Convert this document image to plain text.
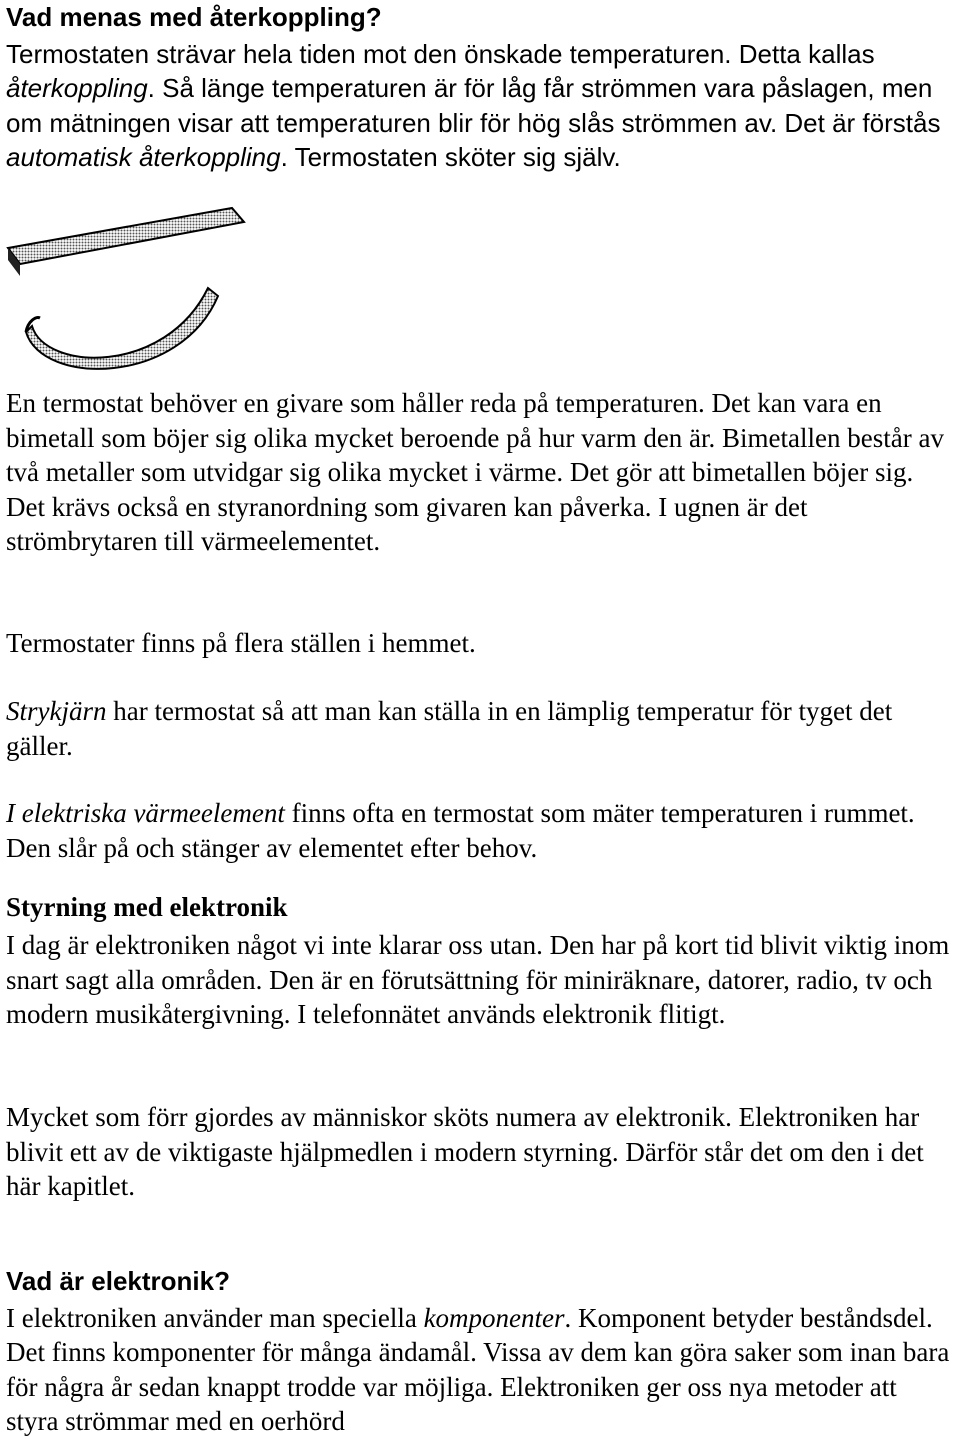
Vad menas med återkoppling?
Termostaten strävar hela tiden mot den önskade temperaturen. Detta kallas
återkoppling. Så länge temperaturen är för låg får strömmen vara påslagen, men om mätningen visar att temperaturen blir för hög slås strömmen av. Det är förstås automatisk återkoppling. Termostaten sköter sig själv.
En termostat behöver en givare som håller reda på temperaturen. Det kan vara en bimetall som böjer sig olika mycket beroende på hur varm den är. Bimetallen består av två metaller som utvidgar sig olika mycket i värme. Det gör att bimetallen böjer sig. Det krävs också en styranordning som givaren kan påverka. I ugnen är det strömbrytaren till värmeelementet.
Termostater finns på flera ställen i hemmet.
Strykjärn har termostat så att man kan ställa in en lämplig temperatur för tyget det gäller.
I elektriska värmeelement finns ofta en termostat som mäter temperaturen i rummet. Den slår på och stänger av elementet efter behov.
Styrning med elektronik
I dag är elektroniken något vi inte klarar oss utan. Den har på kort tid blivit viktig inom snart sagt alla områden. Den är en förutsättning för miniräknare, datorer, radio, tv och modern musikåtergivning. I telefonnätet används elektronik flitigt.
Mycket som förr gjordes av människor sköts numera av elektronik. Elektroniken har blivit ett av de viktigaste hjälpmedlen i modern styrning. Därför står det om den i det här kapitlet.
Vad är elektronik?
I elektroniken använder man speciella komponenter. Komponent betyder beståndsdel. Det finns komponenter för många ändamål. Vissa av dem kan göra saker som inan bara för några år sedan knappt trodde var möjliga. Elektroniken ger oss nya metoder att styra strömmar med en oerhörd
